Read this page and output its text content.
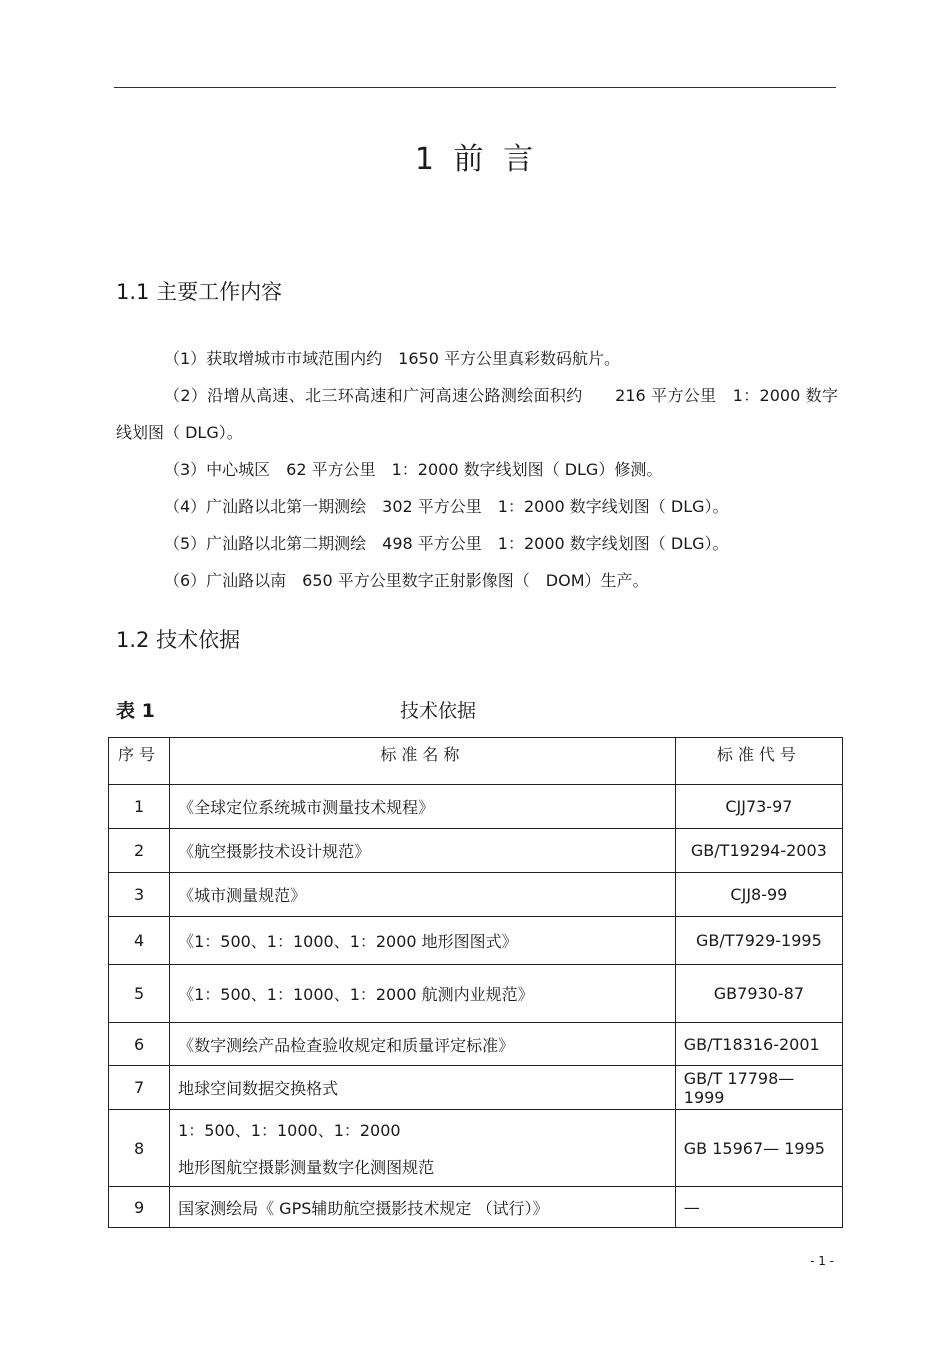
1 前 言
1.1 主要工作内容

（1）获取增城市市域范围内约　1650 平方公里真彩数码航片。

（2）沿增从高速、北三环高速和广河高速公路测绘面积约　　216 平方公里　1：2000 数字线划图（ DLG）。

（3）中心城区　62 平方公里　1：2000 数字线划图（ DLG）修测。

（4）广汕路以北第一期测绘　302 平方公里　1：2000 数字线划图（ DLG）。

（5）广汕路以北第二期测绘　498 平方公里　1：2000 数字线划图（ DLG）。

（6）广汕路以南　650 平方公里数字正射影像图（　DOM）生产。

1.2 技术依据
表 1	技术依据
序号	标准名称	标准代号
1	《全球定位系统城市测量技术规程》	CJJ73-97
2	《航空摄影技术设计规范》	GB/T19294-2003
3	《城市测量规范》	CJJ8-99
4	《1：500、1：1000、1：2000 地形图图式》	GB/T7929-1995
5	《1：500、1：1000、1：2000 航测内业规范》	GB7930-87
6	《数字测绘产品检查验收规定和质量评定标准》	GB/T18316-2001
7	地球空间数据交换格式	GB/T 17798— 1999
8	1：500、1：1000、1：2000
地形图航空摄影测量数字化测图规范	GB 15967— 1995
9	国家测绘局《 GPS辅助航空摄影技术规定 （试行）》	—
- 1 -
